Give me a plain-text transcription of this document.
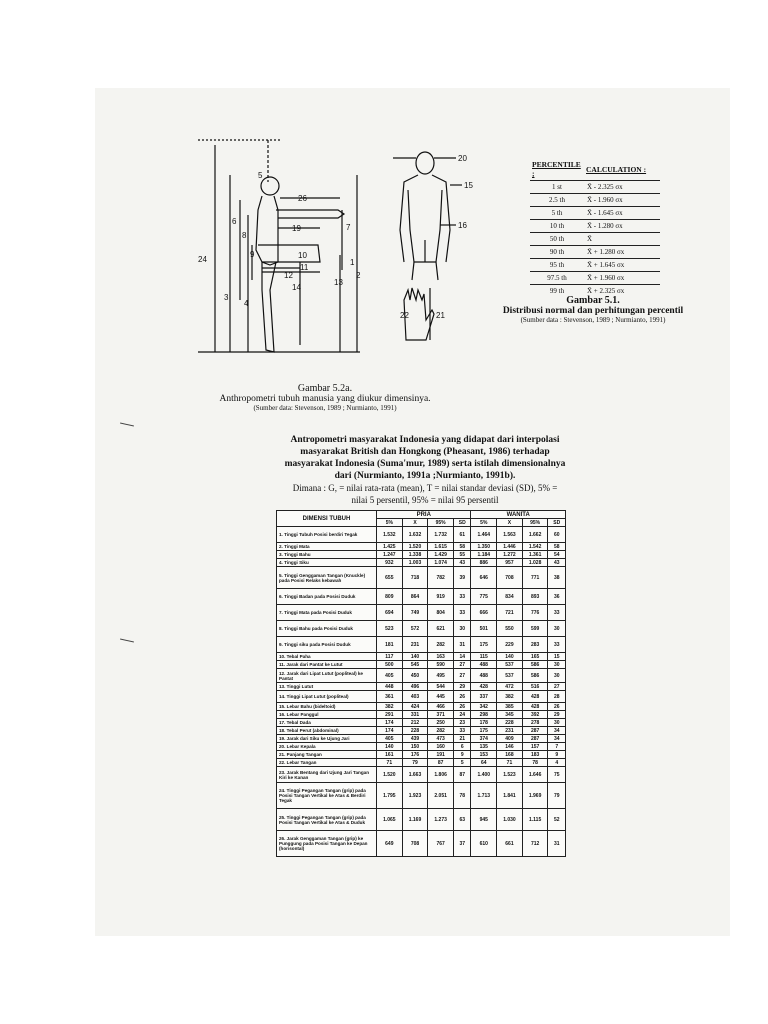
26
19	7
6
8
9	10
24
3
4
12
11
14
13
2
1
5
20
15
16
22	21
PERCENTILE ;	CALCULATION :
1 st	X̄ - 2.325 σx
2.5 th	X̄ - 1.960 σx
5 th	X̄ - 1.645 σx
10 th	X̄ - 1.280 σx
50 th	X̄
90 th	X̄ + 1.280 σx
95 th	X̄ + 1.645 σx
97.5 th	X̄ + 1.960 σx
99 th	X̄ + 2.325 σx
Gambar 5.1.
Distribusi normal dan perhitungan percentil
(Sumber data : Stevenson, 1989 ; Nurmianto, 1991)
Gambar 5.2a.
Anthropometri tubuh manusia yang diukur dimensinya.
(Sumber data: Stevenson, 1989 ; Nurmianto, 1991)
Antropometri masyarakat Indonesia yang didapat dari interpolasi
masyarakat British dan Hongkong (Pheasant, 1986) terhadap
masyarakat Indonesia (Suma'mur, 1989) serta istilah dimensionalnya
dari (Nurmianto, 1991a ;Nurmianto, 1991b).
Dimana : G, = nilai rata-rata (mean), T = nilai standar deviasi (SD), 5% =
nilai 5 persentil, 95% = nilai 95 persentil
DIMENSI TUBUH	PRIA				WANITA			
	5%	X	95%	SD	5%	X	95%	SD
1. Tinggi Tubuh Posisi berdiri Tegak	1.532	1.632	1.732	61	1.464	1.563	1.662	60
2. Tinggi Mata	1.425	1.520	1.615	58	1.350	1.446	1.542	58
3. Tinggi Bahu	1.247	1.338	1.429	55	1.184	1.272	1.361	54
4. Tinggi Siku	932	1.003	1.074	43	886	957	1.028	43
5. Tinggi Genggaman Tangan (Knuckle) pada Posisi Relaks kebawah	655	718	782	39	646	708	771	38
6. Tinggi Badan pada Posisi Duduk	809	864	919	33	775	834	893	36
7. Tinggi Mata pada Posisi Duduk	694	749	804	33	666	721	776	33
8. Tinggi Bahu pada Posisi Duduk	523	572	621	30	501	550	599	30
9. Tinggi siku pada Posisi Duduk	181	231	282	31	175	229	283	33
10. Tebal Paha	117	140	163	14	115	140	165	15
11. Jarak dari Pantat ke Lutut	500	545	590	27	488	537	586	30
12. Jarak dari Lipat Lutut (popliteal) ke Pantat	405	450	495	27	488	537	586	30
13. Tinggi Lutut	448	496	544	29	428	472	516	27
14. Tinggi Lipat Lutut (popliteal)	361	403	445	26	337	382	428	28
15. Lebar Bahu (bideltoid)	382	424	466	26	342	385	428	26
16. Lebar Panggul	291	331	371	24	298	345	392	29
17. Tebal Dada	174	212	250	23	178	228	278	30
18. Tebal Perut (abdominal)	174	228	282	33	175	231	287	34
19. Jarak dari Siku ke Ujung Jari	405	439	473	21	374	409	287	34
20. Lebar Kepala	140	150	160	6	135	146	157	7
21. Panjang Tangan	161	176	191	9	153	168	183	9
22. Lebar Tangan	71	79	87	5	64	71	78	4
23. Jarak Bentang dari Ujung Jari Tangan Kiri ke Kanan	1.520	1.663	1.806	87	1.400	1.523	1.646	75
24. Tinggi Pegangan Tangan (grip) pada Posisi Tangan Vertikal ke Atas & Berdiri Tegak	1.795	1.923	2.051	78	1.713	1.841	1.969	79
25. Tinggi Pegangan Tangan (grip) pada Posisi Tangan Vertikal ke Atas & Duduk	1.065	1.169	1.273	63	945	1.030	1.115	52
26. Jarak Genggaman Tangan (grip) ke Punggung pada Posisi Tangan ke Depan (horisontal)	649	708	767	37	610	661	712	31
